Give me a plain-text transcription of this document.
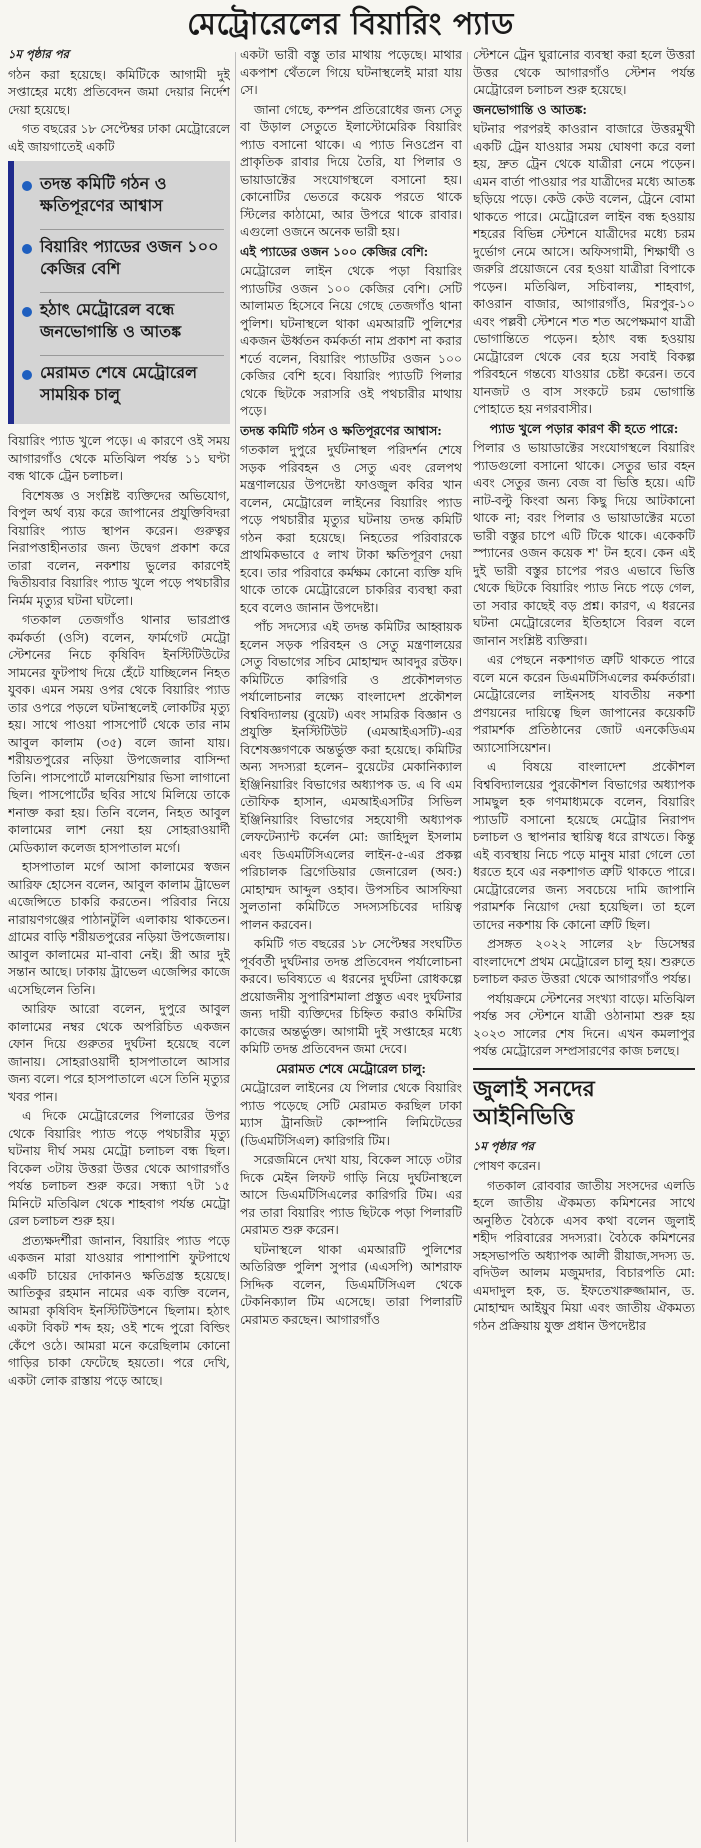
মেট্রোরেলের বিয়ারিং প্যাড

১ম পৃষ্ঠার পর

গঠন করা হয়েছে। কমিটিকে আগামী দুই সপ্তাহের মধ্যে প্রতিবেদন জমা দেয়ার নির্দেশ দেয়া হয়েছে।

গত বছরের ১৮ সেপ্টেম্বর ঢাকা মেট্রোরেলে এই জায়গাতেই একটি

তদন্ত কমিটি গঠন ও ক্ষতিপূরণের আশ্বাস
বিয়ারিং প্যাডের ওজন ১০০ কেজির বেশি
হঠাৎ মেট্রোরেল বন্ধে জনভোগান্তি ও আতঙ্ক
মেরামত শেষে মেট্রোরেল সাময়িক চালু

বিয়ারিং প্যাড খুলে পড়ে। এ কারণে ওই সময় আগারগাঁও থেকে মতিঝিল পর্যন্ত ১১ ঘণ্টা বন্ধ থাকে ট্রেন চলাচল।

বিশেষজ্ঞ ও সংশ্লিষ্ট ব্যক্তিদের অভিযোগ, বিপুল অর্থ ব্যয় করে জাপানের প্রযুক্তিবিদরা বিয়ারিং প্যাড স্থাপন করেন। গুরুত্বর নিরাপত্তাহীনতার জন্য উদ্বেগ প্রকাশ করে তারা বলেন, নকশায় ভুলের কারণেই দ্বিতীয়বার বিয়ারিং প্যাড খুলে পড়ে পথচারীর নির্মম মৃত্যুর ঘটনা ঘটলো।

গতকাল তেজগাঁও থানার ভারপ্রাপ্ত কর্মকর্তা (ওসি) বলেন, ফার্মগেট মেট্রো স্টেশনের নিচে কৃষিবিদ ইনস্টিটিউটের সামনের ফুটপাথ দিয়ে হেঁটে যাচ্ছিলেন নিহত যুবক। এমন সময় ওপর থেকে বিয়ারিং প্যাড তার ওপরে পড়লে ঘটনাস্থলেই লোকটির মৃত্যু হয়। সাথে পাওয়া পাসপোর্ট থেকে তার নাম আবুল কালাম (৩৫) বলে জানা যায়। শরীয়তপুরের নড়িয়া উপজেলার বাসিন্দা তিনি। পাসপোর্টে মালয়েশিয়ার ভিসা লাগানো ছিল। পাসপোর্টের ছবির সাথে মিলিয়ে তাকে শনাক্ত করা হয়। তিনি বলেন, নিহত আবুল কালামের লাশ নেয়া হয় সোহরাওয়ার্দী মেডিক্যাল কলেজ হাসপাতাল মর্গে।

হাসপাতাল মর্গে আসা কালামের স্বজন আরিফ হোসেন বলেন, আবুল কালাম ট্রাভেল এজেন্সিতে চাকরি করতেন। পরিবার নিয়ে নারায়ণগঞ্জের পাঠানটুলি এলাকায় থাকতেন। গ্রামের বাড়ি শরীয়তপুরের নড়িয়া উপজেলায়। আবুল কালামের মা-বাবা নেই। স্ত্রী আর দুই সন্তান আছে। ঢাকায় ট্রাভেল এজেন্সির কাজে এসেছিলেন তিনি।

আরিফ আরো বলেন, দুপুরে আবুল কালামের নম্বর থেকে অপরিচিত একজন ফোন দিয়ে গুরুতর দুর্ঘটনা হয়েছে বলে জানায়। সোহরাওয়ার্দী হাসপাতালে আসার জন্য বলে। পরে হাসপাতালে এসে তিনি মৃত্যুর খবর পান।

এ দিকে মেট্রোরেলের পিলারের উপর থেকে বিয়ারিং প্যাড পড়ে পথচারীর মৃত্যু ঘটনায় দীর্ঘ সময় মেট্রো চলাচল বন্ধ ছিল। বিকেল ৩টায় উত্তরা উত্তর থেকে আগারগাঁও পর্যন্ত চলাচল শুরু করে। সন্ধ্যা ৭টা ১৫ মিনিটে মতিঝিল থেকে শাহবাগ পর্যন্ত মেট্রো রেল চলাচল শুরু হয়।

প্রত্যক্ষদর্শীরা জানান, বিয়ারিং প্যাড পড়ে একজন মারা যাওয়ার পাশাপাশি ফুটপাথে একটি চায়ের দোকানও ক্ষতিগ্রস্ত হয়েছে। আতিকুর রহমান নামের এক ব্যক্তি বলেন, আমরা কৃষিবিদ ইনস্টিটিউশনে ছিলাম। হঠাৎ একটা বিকট শব্দ হয়; ওই শব্দে পুরো বিল্ডিং কেঁপে ওঠে। আমরা মনে করেছিলাম কোনো গাড়ির চাকা ফেটেছে হয়তো। পরে দেখি, একটা লোক রাস্তায় পড়ে আছে।

একটা ভারী বস্তু তার মাথায় পড়েছে। মাথার একপাশ থেঁতলে গিয়ে ঘটনাস্থলেই মারা যায় সে।

জানা গেছে, কম্পন প্রতিরোধের জন্য সেতু বা উড়াল সেতুতে ইলাস্টোমেরিক বিয়ারিং প্যাড বসানো থাকে। এ প্যাড নিওপ্রেন বা প্রাকৃতিক রাবার দিয়ে তৈরি, যা পিলার ও ভায়াডাক্টের সংযোগস্থলে বসানো হয়। কোনোটির ভেতরে কয়েক পরতে থাকে স্টিলের কাঠামো, আর উপরে থাকে রাবার। এগুলো ওজনে অনেক ভারী হয়।

এই প্যাডের ওজন ১০০ কেজির বেশি:

মেট্রোরেল লাইন থেকে পড়া বিয়ারিং প্যাডটির ওজন ১০০ কেজির বেশি। সেটি আলামত হিসেবে নিয়ে গেছে তেজগাঁও থানা পুলিশ। ঘটনাস্থলে থাকা এমআরটি পুলিশের একজন ঊর্ধ্বতন কর্মকর্তা নাম প্রকাশ না করার শর্তে বলেন, বিয়ারিং প্যাডটির ওজন ১০০ কেজির বেশি হবে। বিয়ারিং প্যাডটি পিলার থেকে ছিটকে সরাসরি ওই পথচারীর মাথায় পড়ে।

তদন্ত কমিটি গঠন ও ক্ষতিপূরণের আশ্বাস:

গতকাল দুপুরে দুর্ঘটনাস্থল পরিদর্শন শেষে সড়ক পরিবহন ও সেতু এবং রেলপথ মন্ত্রণালয়ের উপদেষ্টা ফাওজুল কবির খান বলেন, মেট্রোরেল লাইনের বিয়ারিং প্যাড পড়ে পথচারীর মৃত্যুর ঘটনায় তদন্ত কমিটি গঠন করা হয়েছে। নিহতের পরিবারকে প্রাথমিকভাবে ৫ লাখ টাকা ক্ষতিপূরণ দেয়া হবে। তার পরিবারে কর্মক্ষম কোনো ব্যক্তি যদি থাকে তাকে মেট্রোরেলে চাকরির ব্যবস্থা করা হবে বলেও জানান উপদেষ্টা।

পাঁচ সদস্যের এই তদন্ত কমিটির আহ্বায়ক হলেন সড়ক পরিবহন ও সেতু মন্ত্রণালয়ের সেতু বিভাগের সচিব মোহাম্মদ আবদুর রউফ। কমিটিতে কারিগরি ও প্রকৌশলগত পর্যালোচনার লক্ষ্যে বাংলাদেশ প্রকৌশল বিশ্ববিদ্যালয় (বুয়েট) এবং সামরিক বিজ্ঞান ও প্রযুক্তি ইনস্টিটিউট (এমআইএসটি)-এর বিশেষজ্ঞগণকে অন্তর্ভুক্ত করা হয়েছে। কমিটির অন্য সদস্যরা হলেন– বুয়েটের মেকানিক্যাল ইঞ্জিনিয়ারিং বিভাগের অধ্যাপক ড. এ বি এম তৌফিক হাসান, এমআইএসটির সিভিল ইঞ্জিনিয়ারিং বিভাগের সহযোগী অধ্যাপক লেফটেন্যান্ট কর্নেল মো: জাহিদুল ইসলাম এবং ডিএমটিসিএলের লাইন-৫-এর প্রকল্প পরিচালক ব্রিগেডিয়ার জেনারেল (অব:) মোহাম্মদ আব্দুল ওহাব। উপসচিব আসফিয়া সুলতানা কমিটিতে সদস্যসচিবের দায়িত্ব পালন করবেন।

কমিটি গত বছরের ১৮ সেপ্টেম্বর সংঘটিত পূর্ববর্তী দুর্ঘটনার তদন্ত প্রতিবেদন পর্যালোচনা করবে। ভবিষ্যতে এ ধরনের দুর্ঘটনা রোধকল্পে প্রয়োজনীয় সুপারিশমালা প্রস্তুত এবং দুর্ঘটনার জন্য দায়ী ব্যক্তিদের চিহ্নিত করাও কমিটির কাজের অন্তর্ভুক্ত। আগামী দুই সপ্তাহের মধ্যে কমিটি তদন্ত প্রতিবেদন জমা দেবে।

মেরামত শেষে মেট্রোরেল চালু:

মেট্রোরেল লাইনের যে পিলার থেকে বিয়ারিং প্যাড পড়েছে সেটি মেরামত করছিল ঢাকা ম্যাস ট্রানজিট কোম্পানি লিমিটেডের (ডিএমটিসিএল) কারিগরি টিম।

সরেজমিনে দেখা যায়, বিকেল সাড়ে ৩টার দিকে মেইন লিফট গাড়ি নিয়ে দুর্ঘটনাস্থলে আসে ডিএমটিসিএলের কারিগরি টিম। এর পর তারা বিয়ারিং প্যাড ছিটকে পড়া পিলারটি মেরামত শুরু করেন।

ঘটনাস্থলে থাকা এমআরটি পুলিশের অতিরিক্ত পুলিশ সুপার (এএসপি) আশরাফ সিদ্দিক বলেন, ডিএমটিসিএল থেকে টেকনিক্যাল টিম এসেছে। তারা পিলারটি মেরামত করছেন। আগারগাঁও

স্টেশনে ট্রেন ঘুরানোর ব্যবস্থা করা হলে উত্তরা উত্তর থেকে আগারগাঁও স্টেশন পর্যন্ত মেট্রোরেল চলাচল শুরু হয়েছে।

জনভোগান্তি ও আতঙ্ক:

ঘটনার পরপরই কাওরান বাজারে উত্তরমুখী একটি ট্রেন যাওয়ার সময় ঘোষণা করে বলা হয়, দ্রুত ট্রেন থেকে যাত্রীরা নেমে পড়েন। এমন বার্তা পাওয়ার পর যাত্রীদের মধ্যে আতঙ্ক ছড়িয়ে পড়ে। কেউ কেউ বলেন, ট্রেনে বোমা থাকতে পারে। মেট্রোরেল লাইন বন্ধ হওয়ায় শহরের বিভিন্ন স্টেশনে যাত্রীদের মধ্যে চরম দুর্ভোগ নেমে আসে। অফিসগামী, শিক্ষার্থী ও জরুরি প্রয়োজনে বের হওয়া যাত্রীরা বিপাকে পড়েন। মতিঝিল, সচিবালয়, শাহবাগ, কাওরান বাজার, আগারগাঁও, মিরপুর-১০ এবং পল্লবী স্টেশনে শত শত অপেক্ষমাণ যাত্রী ভোগান্তিতে পড়েন। হঠাৎ বন্ধ হওয়ায় মেট্রোরেল থেকে বের হয়ে সবাই বিকল্প পরিবহনে গন্তব্যে যাওয়ার চেষ্টা করেন। তবে যানজট ও বাস সংকটে চরম ভোগান্তি পোহাতে হয় নগরবাসীর।

প্যাড খুলে পড়ার কারণ কী হতে পারে:

পিলার ও ভায়াডাক্টের সংযোগস্থলে বিয়ারিং প্যাডগুলো বসানো থাকে। সেতুর ভার বহন এবং সেতুর জন্য বেজ বা ভিত্তি হয়ে। এটি নাট-বল্টু কিংবা অন্য কিছু দিয়ে আটকানো থাকে না; বরং পিলার ও ভায়াডাক্টের মতো ভারী বস্তুর চাপে এটি টিকে থাকে। একেকটি স্প্যানের ওজন কয়েক শ' টন হবে। কেন এই দুই ভারী বস্তুর চাপের পরও এভাবে ভিত্তি থেকে ছিটকে বিয়ারিং প্যাড নিচে পড়ে গেল, তা সবার কাছেই বড় প্রশ্ন। কারণ, এ ধরনের ঘটনা মেট্রোরেলের ইতিহাসে বিরল বলে জানান সংশ্লিষ্ট ব্যক্তিরা।

এর পেছনে নকশাগত ত্রুটি থাকতে পারে বলে মনে করেন ডিএমটিসিএলের কর্মকর্তারা। মেট্রোরেলের লাইনসহ যাবতীয় নকশা প্রণয়নের দায়িত্বে ছিল জাপানের কয়েকটি পরামর্শক প্রতিষ্ঠানের জোট এনকেডিএম অ্যাসোসিয়েশন।

এ বিষয়ে বাংলাদেশ প্রকৌশল বিশ্ববিদ্যালয়ের পুরকৌশল বিভাগের অধ্যাপক সামছুল হক গণমাধ্যমকে বলেন, বিয়ারিং প্যাডটি বসানো হয়েছে মেট্রোর নিরাপদ চলাচল ও স্থাপনার স্থায়িত্ব ধরে রাখতে। কিন্তু এই ব্যবস্থায় নিচে পড়ে মানুষ মারা গেলে তো ধরতে হবে এর নকশাগত ত্রুটি থাকতে পারে। মেট্রোরেলের জন্য সবচেয়ে দামি জাপানি পরামর্শক নিয়োগ দেয়া হয়েছিল। তা হলে তাদের নকশায় কি কোনো ত্রুটি ছিল।

প্রসঙ্গত ২০২২ সালের ২৮ ডিসেম্বর বাংলাদেশে প্রথম মেট্রোরেল চালু হয়। শুরুতে চলাচল করত উত্তরা থেকে আগারগাঁও পর্যন্ত।

পর্যায়ক্রমে স্টেশনের সংখ্যা বাড়ে। মতিঝিল পর্যন্ত সব স্টেশনে যাত্রী ওঠানামা শুরু হয় ২০২৩ সালের শেষ দিনে। এখন কমলাপুর পর্যন্ত মেট্রোরেল সম্প্রসারণের কাজ চলছে।

জুলাই সনদের আইনিভিত্তি

১ম পৃষ্ঠার পর

পোষণ করেন।

গতকাল রোববার জাতীয় সংসদের এলডি হলে জাতীয় ঐকমত্য কমিশনের সাথে অনুষ্ঠিত বৈঠকে এসব কথা বলেন জুলাই শহীদ পরিবারের সদস্যরা। বৈঠকে কমিশনের সহসভাপতি অধ্যাপক আলী রীয়াজ,সদস্য ড. বদিউল আলম মজুমদার, বিচারপতি মো: এমদাদুল হক, ড. ইফতেখারুজ্জামান, ড. মোহাম্মদ আইয়ুব মিয়া এবং জাতীয় ঐকমত্য গঠন প্রক্রিয়ায় যুক্ত প্রধান উপদেষ্টার
